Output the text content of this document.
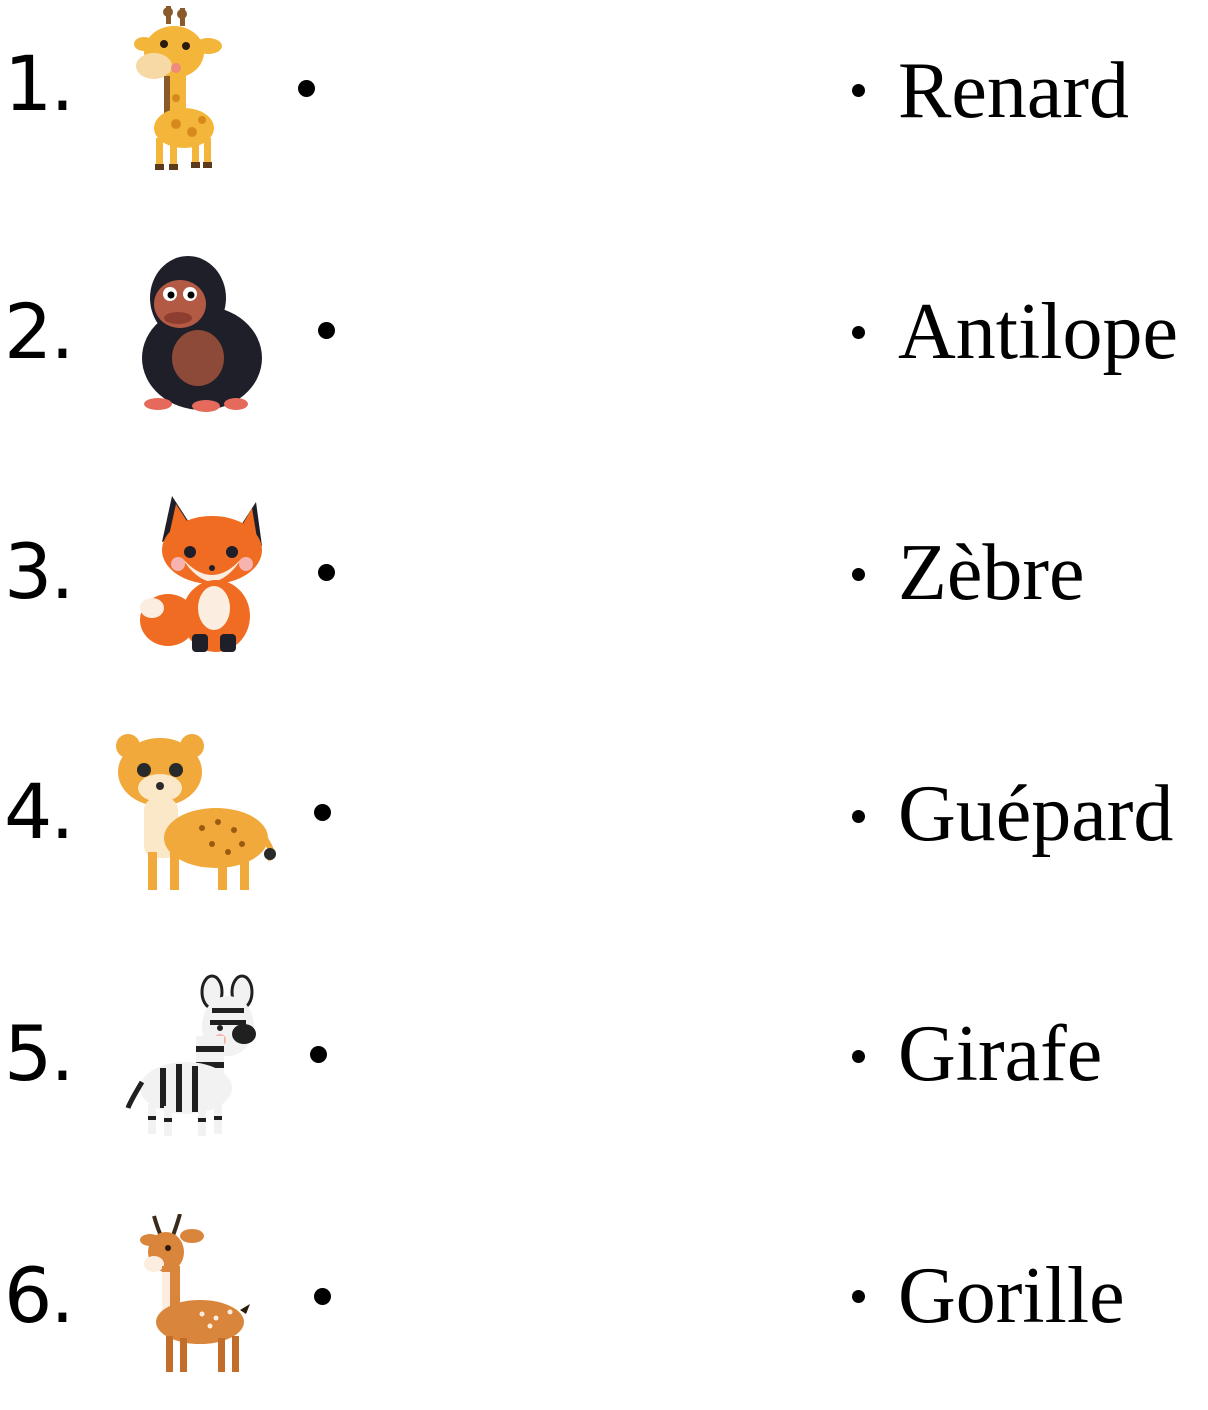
1.	Renard
2.	Antilope
3.	Zèbre
4.	Guépard
5.	Girafe
6.	Gorille
